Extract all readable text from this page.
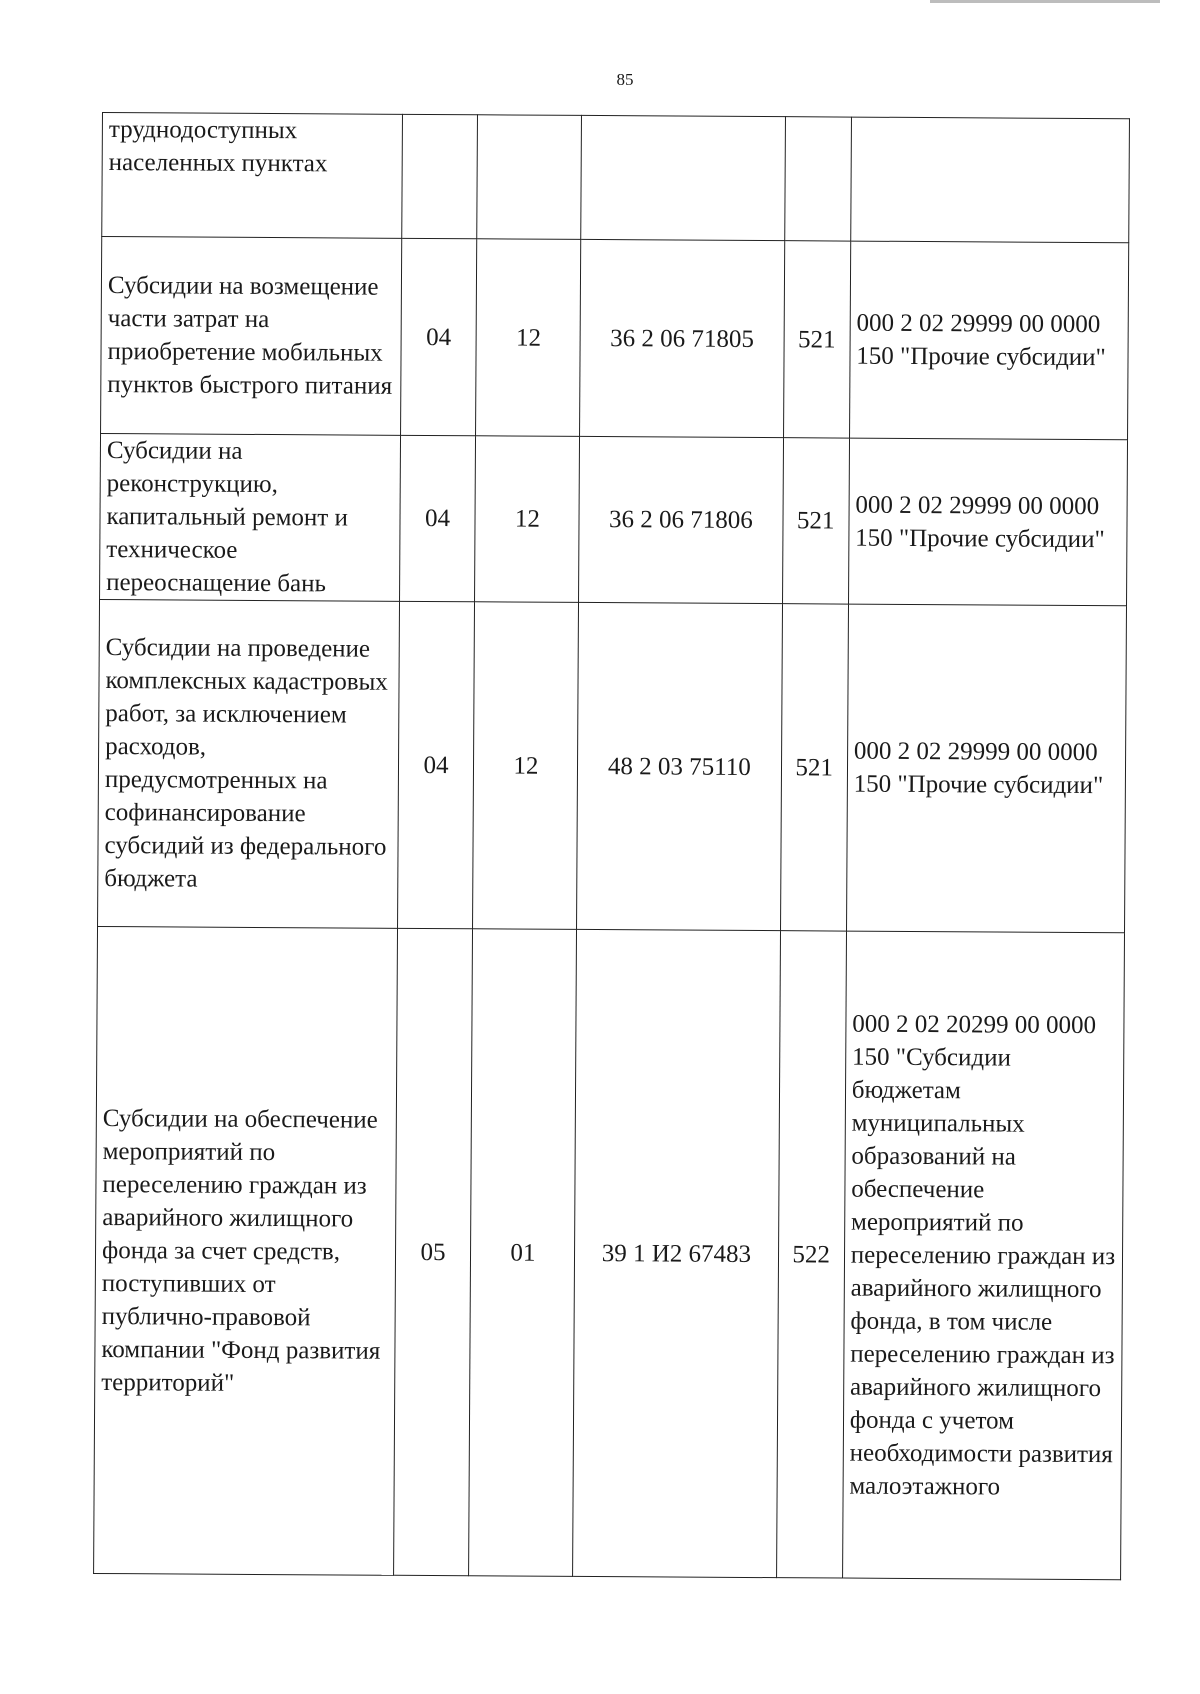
85
труднодоступных населенных пунктах					
Субсидии на возмещение части затрат на приобретение мобильных пунктов быстрого питания	04	12	36 2 06 71805	521	000 2 02 29999 00 0000 150 "Прочие субсидии"
Субсидии на реконструкцию, капитальный ремонт и техническое переоснащение бань	04	12	36 2 06 71806	521	000 2 02 29999 00 0000 150 "Прочие субсидии"
Субсидии на проведение комплексных кадастровых работ, за исключением расходов, предусмотренных на софинансирование субсидий из федерального бюджета	04	12	48 2 03 75110	521	000 2 02 29999 00 0000 150 "Прочие субсидии"
Субсидии на обеспечение мероприятий по переселению граждан из аварийного жилищного фонда за счет средств, поступивших от публично-правовой компании "Фонд развития территорий"	05	01	39 1 И2 67483	522	000 2 02 20299 00 0000 150 "Субсидии бюджетам муниципальных образований на обеспечение мероприятий по переселению граждан из аварийного жилищного фонда, в том числе переселению граждан из аварийного жилищного фонда с учетом необходимости развития малоэтажного
